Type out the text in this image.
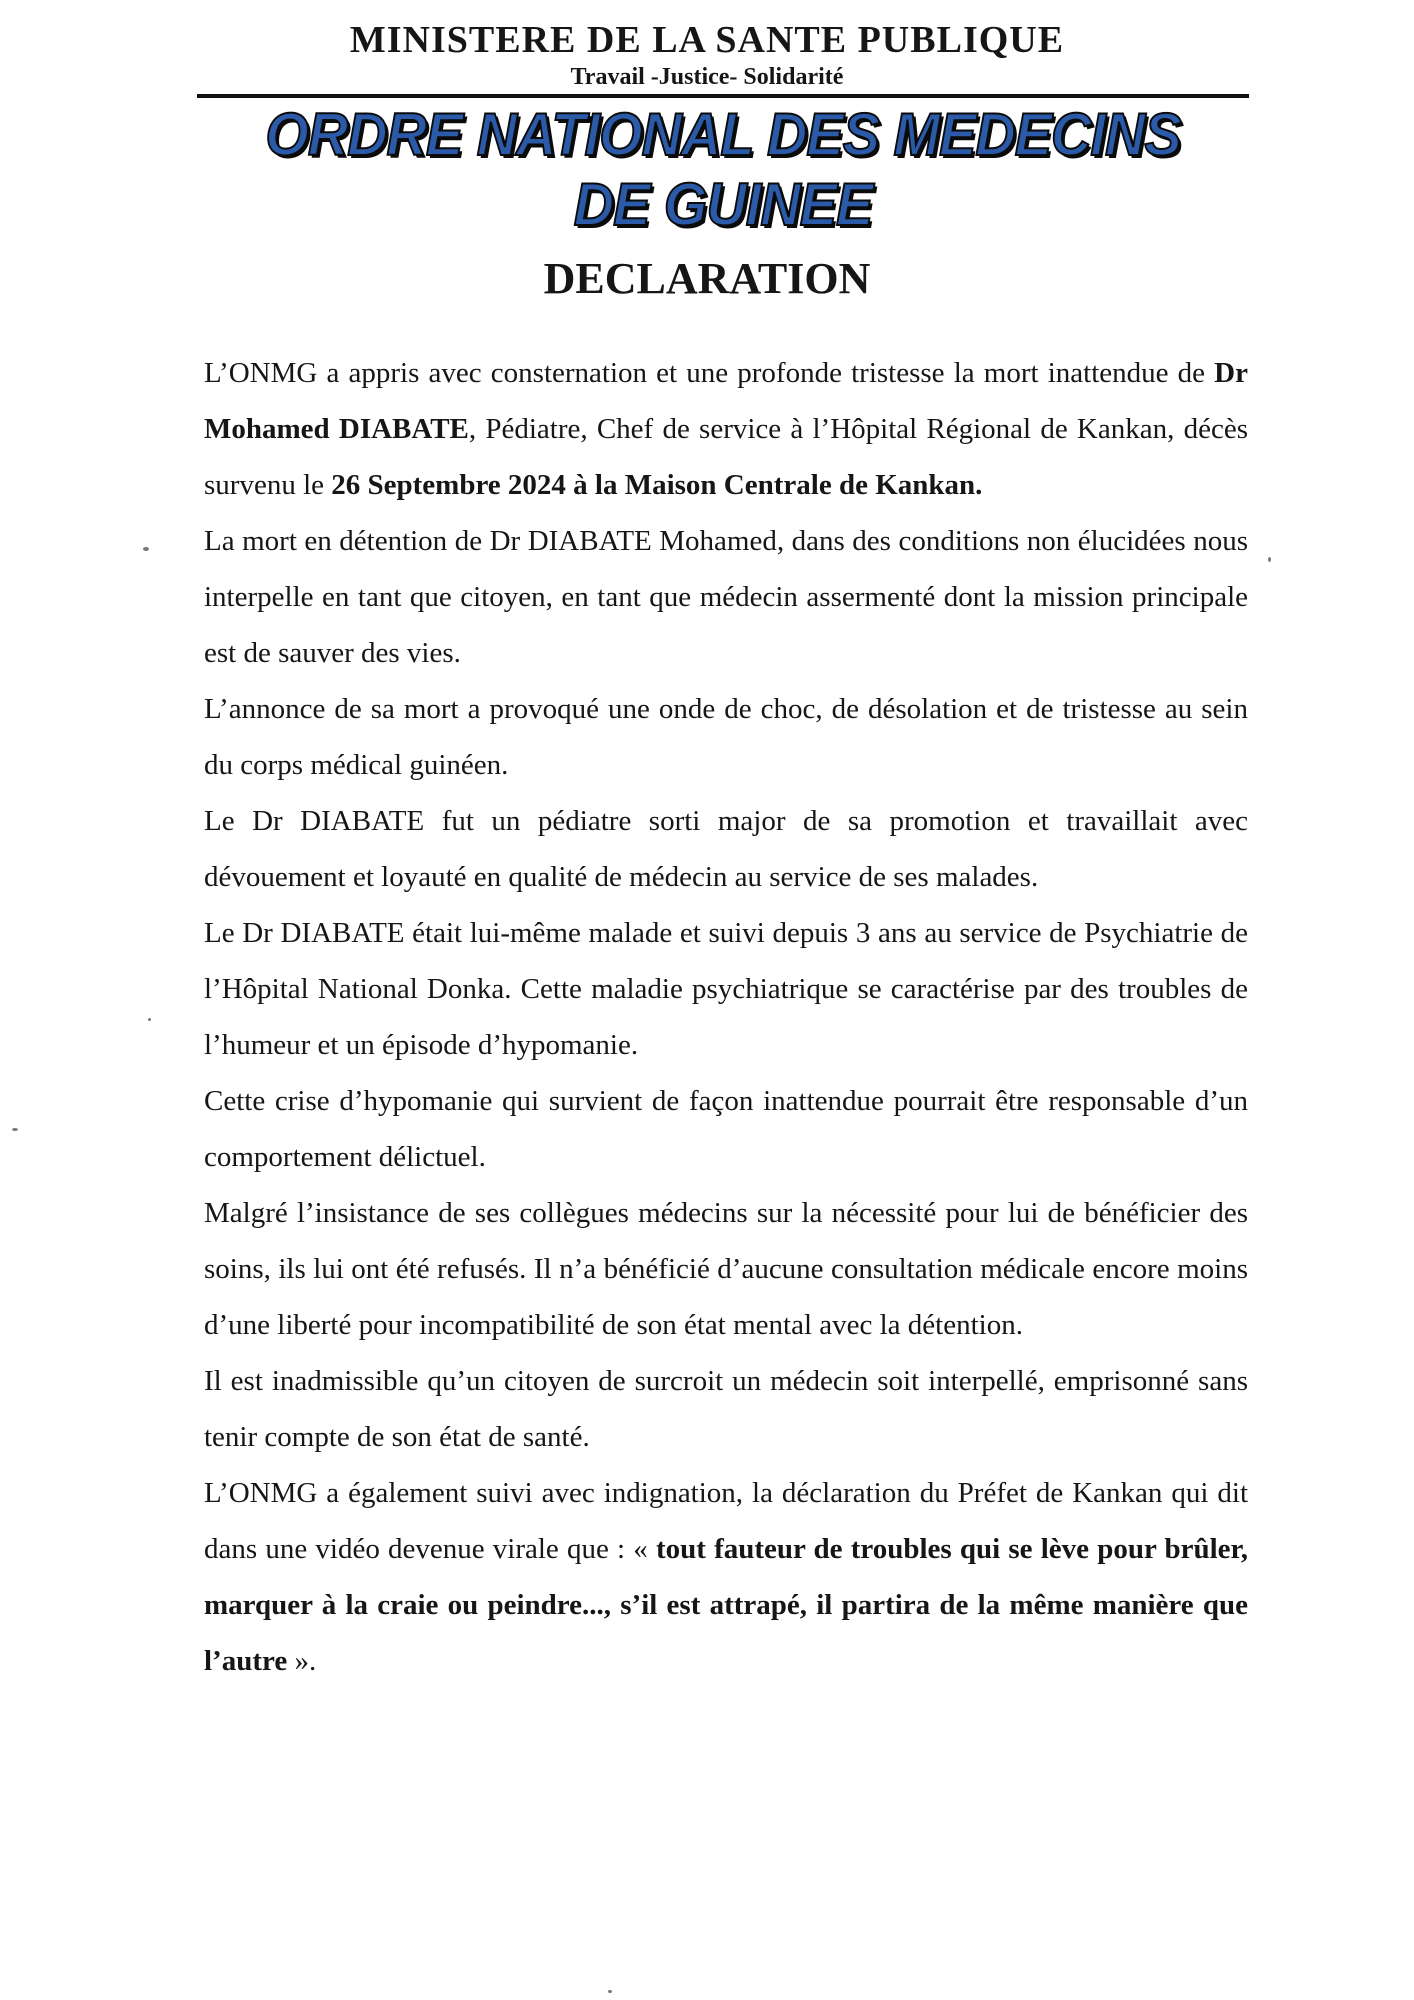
MINISTERE DE LA SANTE PUBLIQUE
Travail -Justice- Solidarité
ORDRE NATIONAL DES MEDECINS DE GUINEE
DECLARATION

L’ONMG a appris avec consternation et une profonde tristesse la mort inattendue de Dr Mohamed DIABATE, Pédiatre, Chef de service à l’Hôpital Régional de Kankan, décès survenu le 26 Septembre 2024 à la Maison Centrale de Kankan.

La mort en détention de Dr DIABATE Mohamed, dans des conditions non élucidées nous interpelle en tant que citoyen, en tant que médecin assermenté dont la mission principale est de sauver des vies.

L’annonce de sa mort a provoqué une onde de choc, de désolation et de tristesse au sein du corps médical guinéen.

Le Dr DIABATE fut un pédiatre sorti major de sa promotion et travaillait avec dévouement et loyauté en qualité de médecin au service de ses malades.

Le Dr DIABATE était lui-même malade et suivi depuis 3 ans au service de Psychiatrie de l’Hôpital National Donka. Cette maladie psychiatrique se caractérise par des troubles de l’humeur et un épisode d’hypomanie.

Cette crise d’hypomanie qui survient de façon inattendue pourrait être responsable d’un comportement délictuel.

Malgré l’insistance de ses collègues médecins sur la nécessité pour lui de bénéficier des soins, ils lui ont été refusés. Il n’a bénéficié d’aucune consultation médicale encore moins d’une liberté pour incompatibilité de son état mental avec la détention.

Il est inadmissible qu’un citoyen de surcroit un médecin soit interpellé, emprisonné sans tenir compte de son état de santé.

L’ONMG a également suivi avec indignation, la déclaration du Préfet de Kankan qui dit dans une vidéo devenue virale que : « tout fauteur de troubles qui se lève pour brûler, marquer à la craie ou peindre..., s’il est attrapé, il partira de la même manière que l’autre ».
